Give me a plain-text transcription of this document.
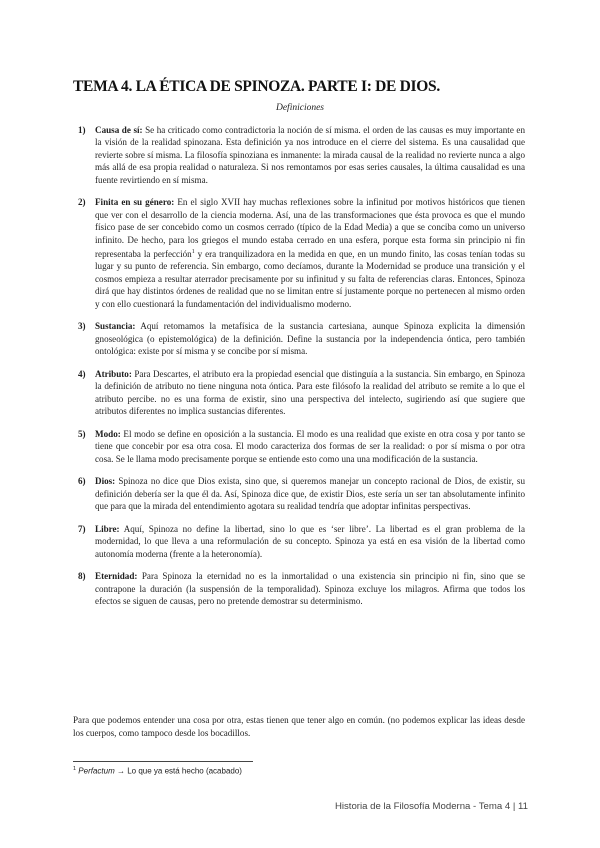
TEMA 4. LA ÉTICA DE SPINOZA. PARTE I: DE DIOS.
Definiciones
1) Causa de sí: Se ha criticado como contradictoria la noción de sí misma. el orden de las causas es muy importante en la visión de la realidad spinozana. Esta definición ya nos introduce en el cierre del sistema. Es una causalidad que revierte sobre sí misma. La filosofía spinoziana es inmanente: la mirada causal de la realidad no revierte nunca a algo más allá de esa propia realidad o naturaleza. Si nos remontamos por esas series causales, la última causalidad es una fuente revirtiendo en sí misma.
2) Finita en su género: En el siglo XVII hay muchas reflexiones sobre la infinitud por motivos históricos que tienen que ver con el desarrollo de la ciencia moderna. Así, una de las transformaciones que ésta provoca es que el mundo físico pase de ser concebido como un cosmos cerrado (típico de la Edad Media) a que se conciba como un universo infinito. De hecho, para los griegos el mundo estaba cerrado en una esfera, porque esta forma sin principio ni fin representaba la perfección$^1$ y era tranquilizadora en la medida en que, en un mundo finito, las cosas tenían todas su lugar y su punto de referencia. Sin embargo, como decíamos, durante la Modernidad se produce una transición y el cosmos empieza a resultar aterrador precisamente por su infinitud y su falta de referencias claras. Entonces, Spinoza dirá que hay distintos órdenes de realidad que no se limitan entre sí justamente porque no pertenecen al mismo orden y con ello cuestionará la fundamentación del individualismo moderno.
3) Sustancia: Aquí retomamos la metafísica de la sustancia cartesiana, aunque Spinoza explicita la dimensión gnoseológica (o epistemológica) de la definición. Define la sustancia por la independencia óntica, pero también ontológica: existe por sí misma y se concibe por sí misma.
4) Atributo: Para Descartes, el atributo era la propiedad esencial que distinguía a la sustancia. Sin embargo, en Spinoza la definición de atributo no tiene ninguna nota óntica. Para este filósofo la realidad del atributo se remite a lo que el atributo percibe. no es una forma de existir, sino una perspectiva del intelecto, sugiriendo así que sugiere que atributos diferentes no implica sustancias diferentes.
5) Modo: El modo se define en oposición a la sustancia. El modo es una realidad que existe en otra cosa y por tanto se tiene que concebir por esa otra cosa. El modo caracteriza dos formas de ser la realidad: o por sí misma o por otra cosa. Se le llama modo precisamente porque se entiende esto como una una modificación de la sustancia.
6) Dios: Spinoza no dice que Dios exista, sino que, si queremos manejar un concepto racional de Dios, de existir, su definición debería ser la que él da. Así, Spinoza dice que, de existir Dios, este sería un ser tan absolutamente infinito que para que la mirada del entendimiento agotara su realidad tendría que adoptar infinitas perspectivas.
7) Libre: Aquí, Spinoza no define la libertad, sino lo que es ‘ser libre’. La libertad es el gran problema de la modernidad, lo que lleva a una reformulación de su concepto. Spinoza ya está en esa visión de la libertad como autonomía moderna (frente a la heteronomía).
8) Eternidad: Para Spinoza la eternidad no es la inmortalidad o una existencia sin principio ni fin, sino que se contrapone la duración (la suspensión de la temporalidad). Spinoza excluye los milagros. Afirma que todos los efectos se siguen de causas, pero no pretende demostrar su determinismo.

Para que podemos entender una cosa por otra, estas tienen que tener algo en común. (no podemos explicar las ideas desde los cuerpos, como tampoco desde los bocadillos.

$^1$ Perfactum → Lo que ya está hecho (acabado)
Historia de la Filosofía Moderna - Tema 4 | 11
